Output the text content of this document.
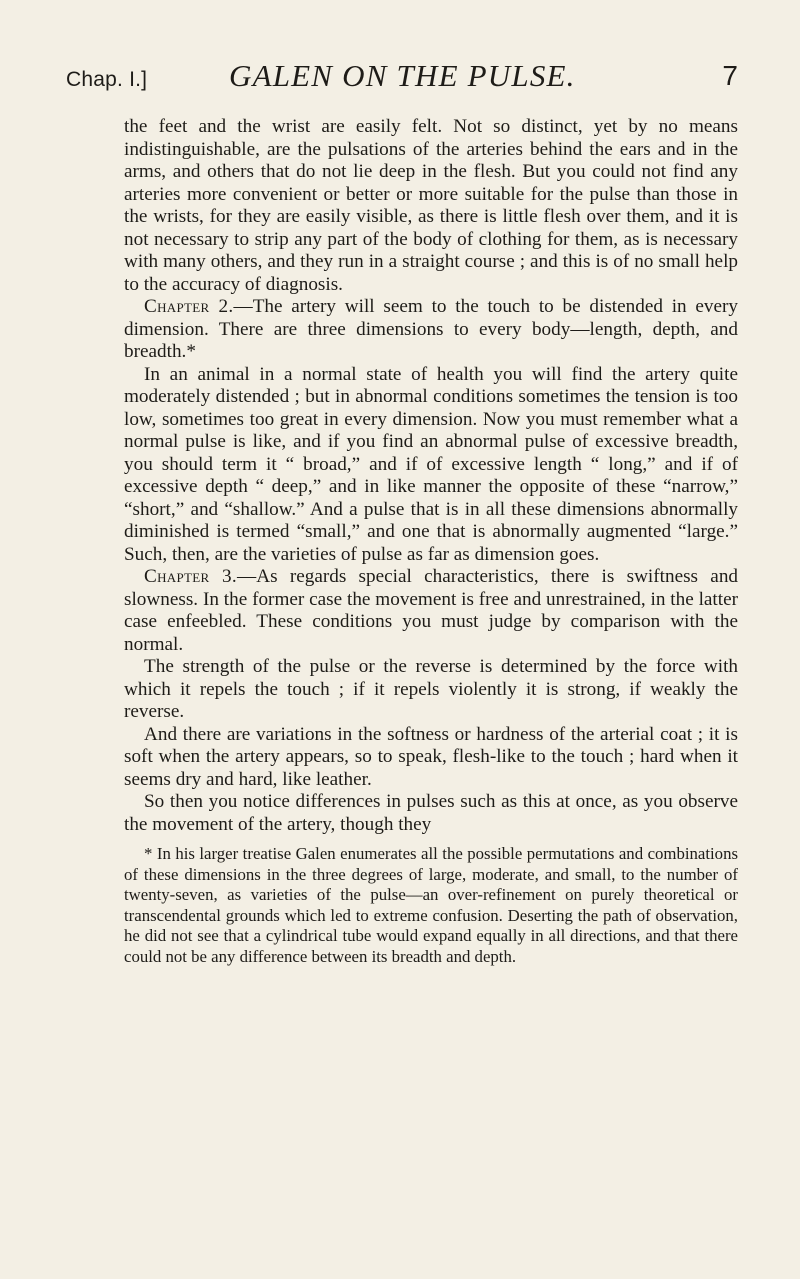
Chap. I.]	GALEN ON THE PULSE.	7

the feet and the wrist are easily felt. Not so distinct, yet by no means indistinguishable, are the pulsations of the arteries behind the ears and in the arms, and others that do not lie deep in the flesh. But you could not find any arteries more convenient or better or more suitable for the pulse than those in the wrists, for they are easily visible, as there is little flesh over them, and it is not necessary to strip any part of the body of clothing for them, as is necessary with many others, and they run in a straight course ; and this is of no small help to the accuracy of diagnosis.

Chapter 2.—The artery will seem to the touch to be distended in every dimension. There are three dimensions to every body—length, depth, and breadth.*

In an animal in a normal state of health you will find the artery quite moderately distended ; but in abnormal conditions sometimes the tension is too low, sometimes too great in every dimension. Now you must remember what a normal pulse is like, and if you find an abnormal pulse of excessive breadth, you should term it “ broad,” and if of excessive length “ long,” and if of excessive depth “ deep,” and in like manner the opposite of these “narrow,” “short,” and “shallow.” And a pulse that is in all these dimensions abnormally diminished is termed “small,” and one that is abnormally augmented “large.” Such, then, are the varieties of pulse as far as dimension goes.

Chapter 3.—As regards special characteristics, there is swiftness and slowness. In the former case the movement is free and unrestrained, in the latter case enfeebled. These conditions you must judge by comparison with the normal.

The strength of the pulse or the reverse is determined by the force with which it repels the touch ; if it repels violently it is strong, if weakly the reverse.

And there are variations in the softness or hardness of the arterial coat ; it is soft when the artery appears, so to speak, flesh-like to the touch ; hard when it seems dry and hard, like leather.

So then you notice differences in pulses such as this at once, as you observe the movement of the artery, though they

* In his larger treatise Galen enumerates all the possible permutations and combinations of these dimensions in the three degrees of large, moderate, and small, to the number of twenty-seven, as varieties of the pulse—an over-refinement on purely theoretical or transcendental grounds which led to extreme confusion. Deserting the path of observation, he did not see that a cylindrical tube would expand equally in all directions, and that there could not be any difference between its breadth and depth.
